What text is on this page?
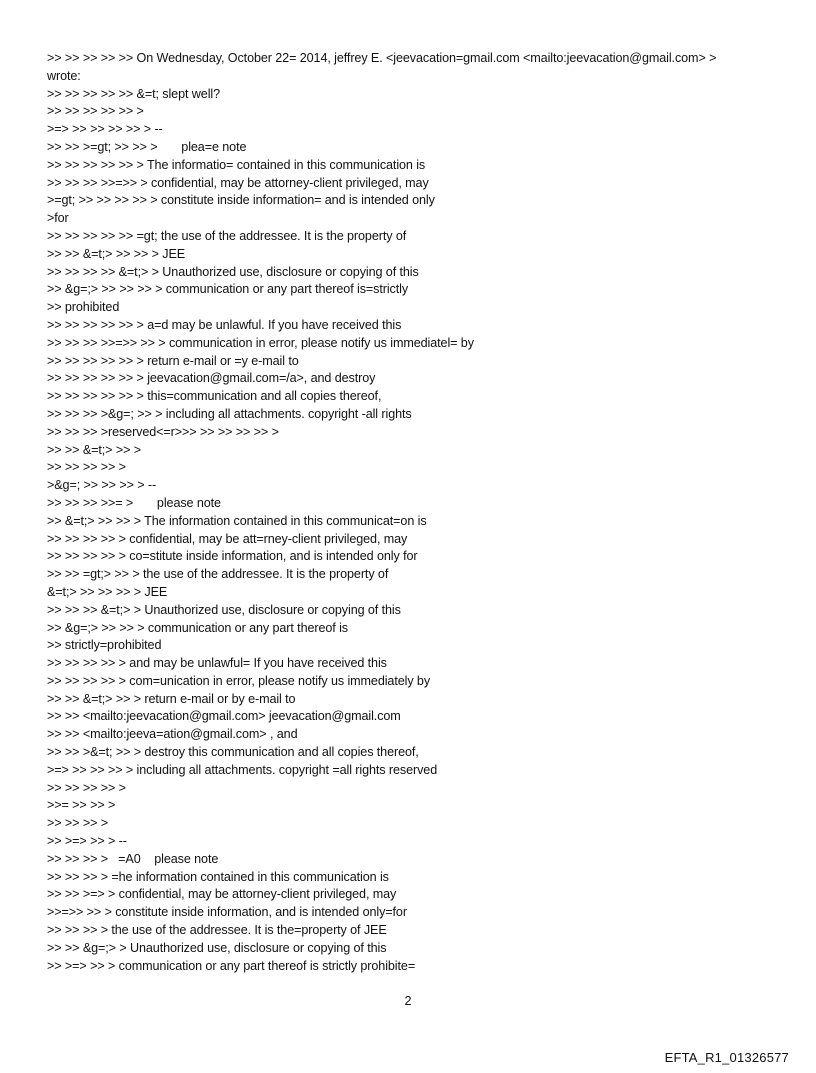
>> >> >> >> >> On Wednesday, October 22= 2014, jeffrey E. <jeevacation=gmail.com <mailto:jeevacation@gmail.com> >
wrote:
>> >> >> >> >> &=t; slept well?
>> >> >> >> >> >
>=> >> >> >> >> > --
>> >> >=gt; >> >> >       plea=e note
>> >> >> >> >> > The informatio= contained in this communication is
>> >> >> >>=>> > confidential, may be attorney-client privileged, may
>=gt; >> >> >> >> > constitute inside information= and is intended only
>for
>> >> >> >> >> =gt; the use of the addressee. It is the property of
>> >> &=t;> >> >> > JEE
>> >> >> >> &=t;> > Unauthorized use, disclosure or copying of this
>> &g=;> >> >> >> > communication or any part thereof is=strictly
>> prohibited
>> >> >> >> >> > a=d may be unlawful. If you have received this
>> >> >> >>=>> >> > communication in error, please notify us immediatel= by
>> >> >> >> >> > return e-mail or =y e-mail to
>> >> >> >> >> > jeevacation@gmail.com=/a>, and destroy
>> >> >> >> >> > this=communication and all copies thereof,
>> >> >> >&g=; >> > including all attachments. copyright -all rights
>> >> >> >reserved<=r>>> >> >> >> >> >
>> >> &=t;> >> >
>> >> >> >> >
>&g=; >> >> >> > --
>> >> >> >>= >       please note
>> &=t;> >> >> > The information contained in this communicat=on is
>> >> >> >> > confidential, may be att=rney-client privileged, may
>> >> >> >> > co=stitute inside information, and is intended only for
>> >> =gt;> >> > the use of the addressee. It is the property of
&=t;> >> >> >> > JEE
>> >> >> &=t;> > Unauthorized use, disclosure or copying of this
>> &g=;> >> >> > communication or any part thereof is
>> strictly=prohibited
>> >> >> >> > and may be unlawful= If you have received this
>> >> >> >> > com=unication in error, please notify us immediately by
>> >> &=t;> >> > return e-mail or by e-mail to
>> >> <mailto:jeevacation@gmail.com> jeevacation@gmail.com
>> >> <mailto:jeeva=ation@gmail.com> , and
>> >> >&=t; >> > destroy this communication and all copies thereof,
>=> >> >> >> > including all attachments. copyright =all rights reserved
>> >> >> >> >
>>= >> >> >
>> >> >> >
>> >=> >> > --
>> >> >> >   =A0    please note
>> >> >> > =he information contained in this communication is
>> >> >=> > confidential, may be attorney-client privileged, may
>>=>> >> > constitute inside information, and is intended only=for
>> >> >> > the use of the addressee. It is the=property of JEE
>> >> &g=;> > Unauthorized use, disclosure or copying of this
>> >=> >> > communication or any part thereof is strictly prohibite=
2
EFTA_R1_01326577
